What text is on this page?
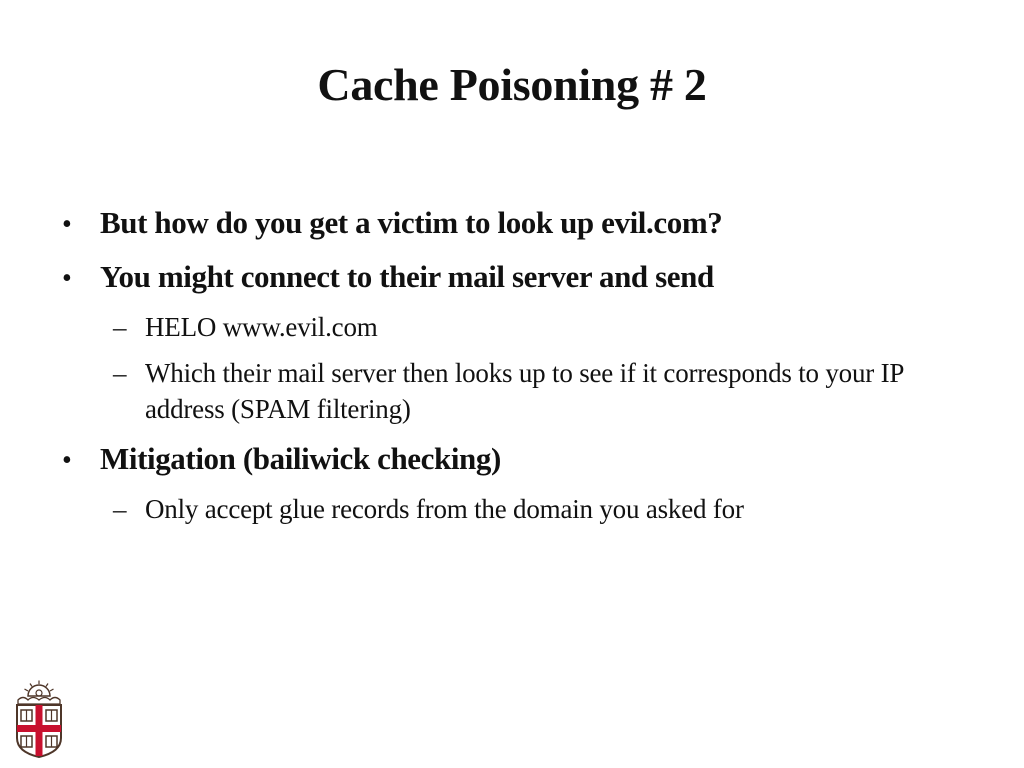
Cache Poisoning # 2
• But how do you get a victim to look up evil.com?
• You might connect to their mail server and send
– HELO www.evil.com
– Which their mail server then looks up to see if it corresponds to your IP address (SPAM filtering)
• Mitigation (bailiwick checking)
– Only accept glue records from the domain you asked for
